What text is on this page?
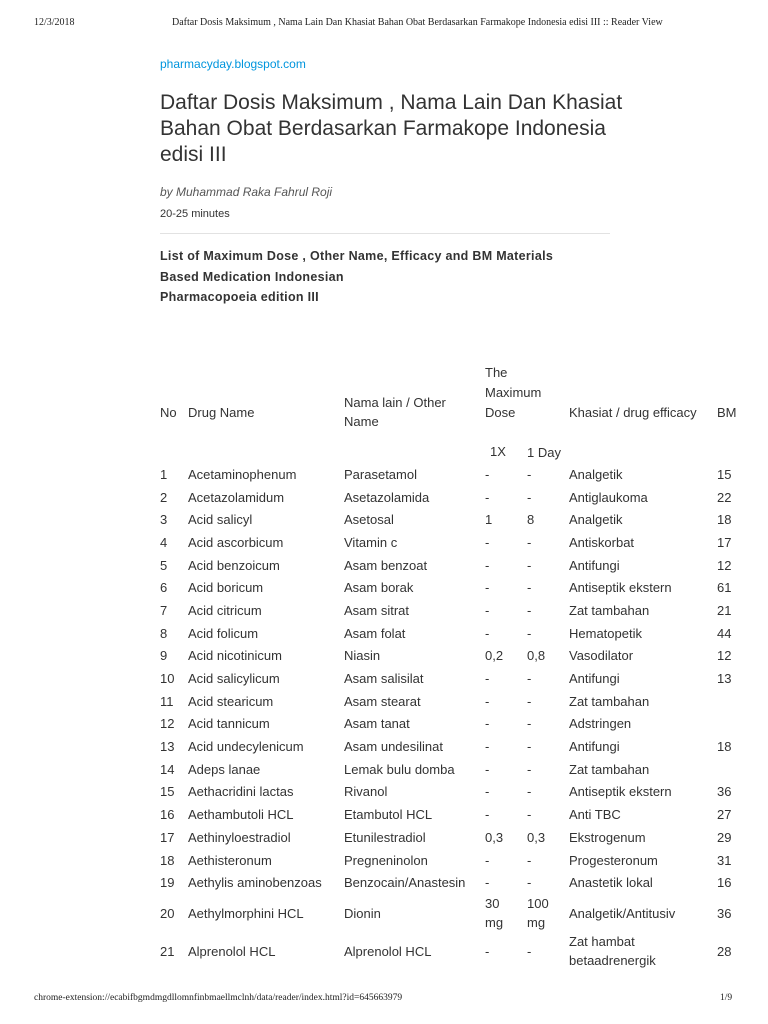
12/3/2018	Daftar Dosis Maksimum , Nama Lain Dan Khasiat Bahan Obat Berdasarkan Farmakope Indonesia edisi III :: Reader View
pharmacyday.blogspot.com
Daftar Dosis Maksimum , Nama Lain Dan Khasiat Bahan Obat Berdasarkan Farmakope Indonesia edisi III
by Muhammad Raka Fahrul Roji
20-25 minutes
List of Maximum Dose , Other Name, Efficacy and BM Materials
Based Medication Indonesian
Pharmacopoeia edition III
No	Drug Name	Nama lain / Other Name	The Maximum Dose		Khasiat / drug efficacy	BM
			1X	1 Day		
1	Acetaminophenum	Parasetamol	-	-	Analgetik	15
2	Acetazolamidum	Asetazolamida	-	-	Antiglaukoma	22
3	Acid salicyl	Asetosal	1	8	Analgetik	18
4	Acid ascorbicum	Vitamin c	-	-	Antiskorbat	17
5	Acid benzoicum	Asam benzoat	-	-	Antifungi	12
6	Acid boricum	Asam borak	-	-	Antiseptik ekstern	61
7	Acid citricum	Asam sitrat	-	-	Zat tambahan	21
8	Acid folicum	Asam folat	-	-	Hematopetik	44
9	Acid nicotinicum	Niasin	0,2	0,8	Vasodilator	12
10	Acid salicylicum	Asam salisilat	-	-	Antifungi	13
11	Acid stearicum	Asam stearat	-	-	Zat tambahan	
12	Acid tannicum	Asam tanat	-	-	Adstringen	
13	Acid undecylenicum	Asam undesilinat	-	-	Antifungi	18
14	Adeps lanae	Lemak bulu domba	-	-	Zat tambahan	
15	Aethacridini lactas	Rivanol	-	-	Antiseptik ekstern	36
16	Aethambutoli HCL	Etambutol HCL	-	-	Anti TBC	27
17	Aethinyloestradiol	Etunilestradiol	0,3	0,3	Ekstrogenum	29
18	Aethisteronum	Pregneninolon	-	-	Progesteronum	31
19	Aethylis aminobenzoas	Benzocain/Anastesin	-	-	Anastetik lokal	16
20	Aethylmorphini HCL	Dionin	30 mg	100 mg	Analgetik/Antitusiv	36
21	Alprenolol HCL	Alprenolol HCL	-	-	Zat hambat betaadrenergik	28
chrome-extension://ecabifbgmdmgdllomnfinbmaellmclnh/data/reader/index.html?id=645663979	1/9
